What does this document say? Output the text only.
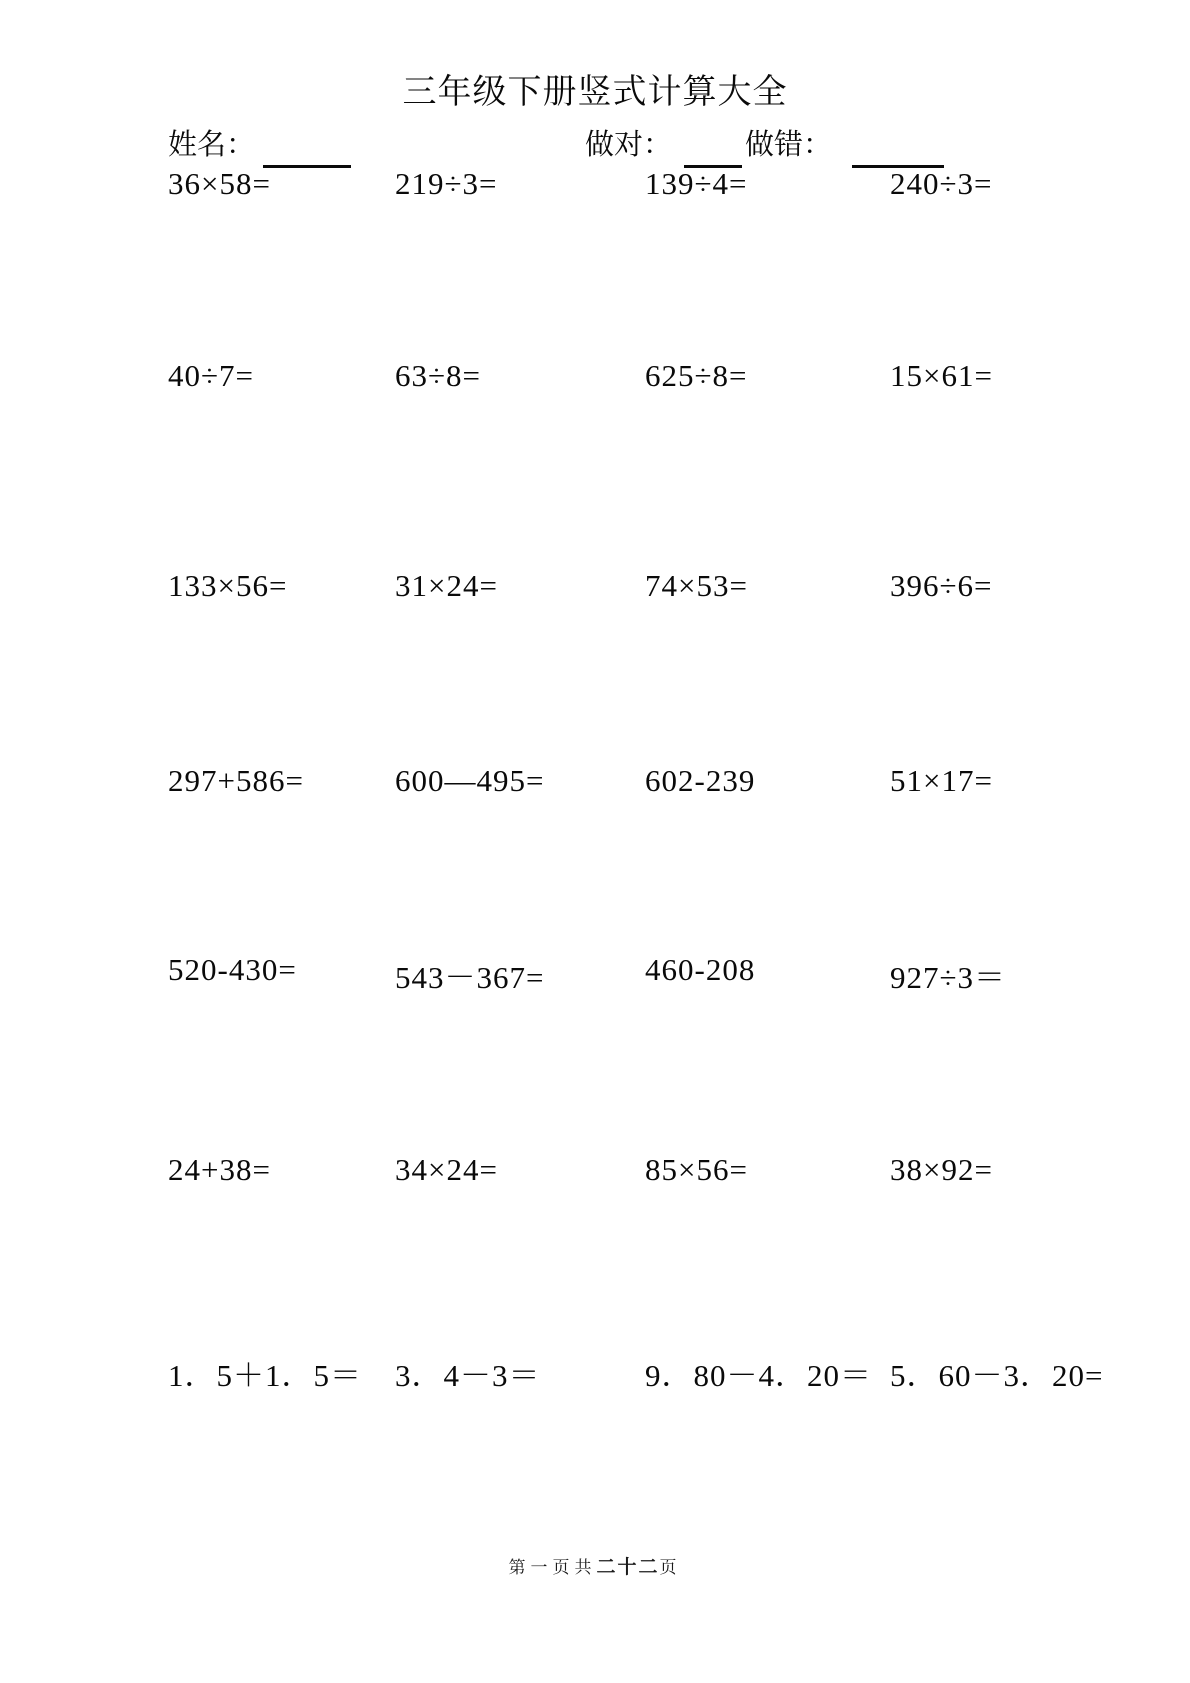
三年级下册竖式计算大全
姓名：	做对：	做错：
36×58=	219÷3=	139÷4=	240÷3=
40÷7=	63÷8=	625÷8=	15×61=
133×56=	31×24=	74×53=	396÷6=
297+586=	600—495=	602-239	51×17=
520-430=	543－367=	460-208	927÷3＝
24+38=	34×24=	85×56=	38×92=
1．5＋1．5＝	3．4－3＝	9．80－4．20＝ 5．60－3．20=
第一页共二十二页
